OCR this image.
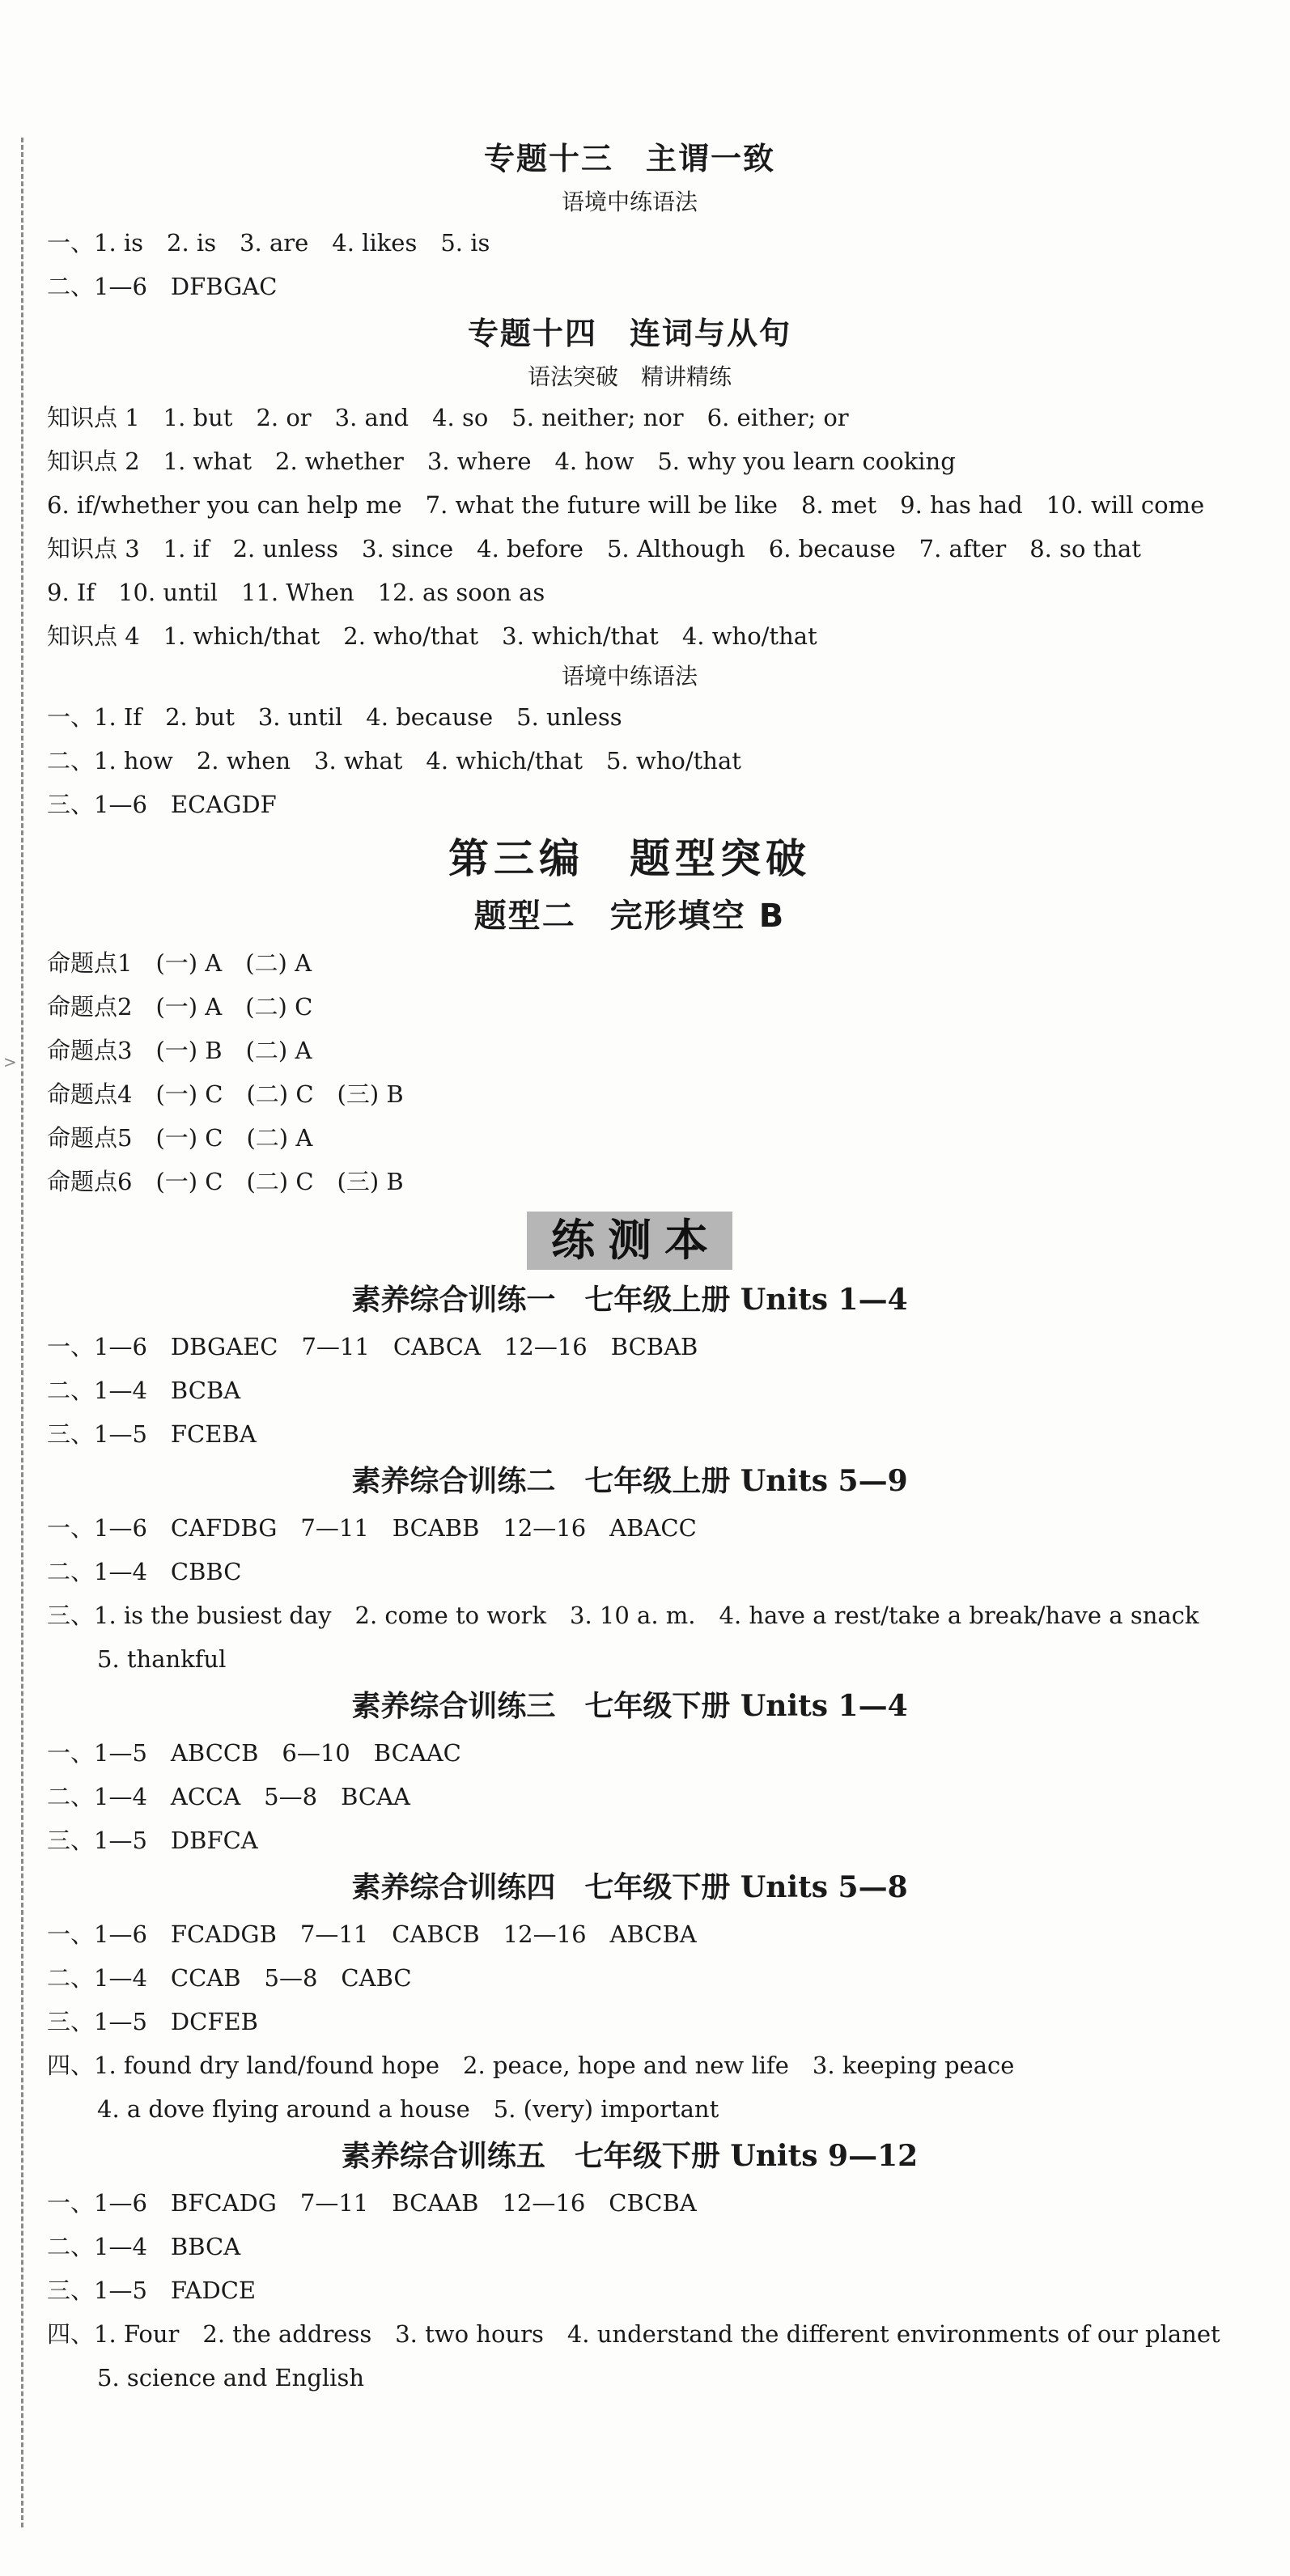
>
专题十三　主谓一致
语境中练语法
一、1. is　2. is　3. are　4. likes　5. is
二、1—6　DFBGAC
专题十四　连词与从句
语法突破　精讲精练
知识点 1　1. but　2. or　3. and　4. so　5. neither; nor　6. either; or
知识点 2　1. what　2. whether　3. where　4. how　5. why you learn cooking
6. if/whether you can help me　7. what the future will be like　8. met　9. has had　10. will come
知识点 3　1. if　2. unless　3. since　4. before　5. Although　6. because　7. after　8. so that
9. If　10. until　11. When　12. as soon as
知识点 4　1. which/that　2. who/that　3. which/that　4. who/that
语境中练语法
一、1. If　2. but　3. until　4. because　5. unless
二、1. how　2. when　3. what　4. which/that　5. who/that
三、1—6　ECAGDF
第三编　题型突破
题型二　完形填空 B
命题点1　(一) A　(二) A
命题点2　(一) A　(二) C
命题点3　(一) B　(二) A
命题点4　(一) C　(二) C　(三) B
命题点5　(一) C　(二) A
命题点6　(一) C　(二) C　(三) B
练测本
素养综合训练一　七年级上册 Units 1—4
一、1—6　DBGAEC　7—11　CABCA　12—16　BCBAB
二、1—4　BCBA
三、1—5　FCEBA
素养综合训练二　七年级上册 Units 5—9
一、1—6　CAFDBG　7—11　BCABB　12—16　ABACC
二、1—4　CBBC
三、1. is the busiest day　2. come to work　3. 10 a. m.　4. have a rest/take a break/have a snack
5. thankful
素养综合训练三　七年级下册 Units 1—4
一、1—5　ABCCB　6—10　BCAAC
二、1—4　ACCA　5—8　BCAA
三、1—5　DBFCA
素养综合训练四　七年级下册 Units 5—8
一、1—6　FCADGB　7—11　CABCB　12—16　ABCBA
二、1—4　CCAB　5—8　CABC
三、1—5　DCFEB
四、1. found dry land/found hope　2. peace, hope and new life　3. keeping peace
4. a dove flying around a house　5. (very) important
素养综合训练五　七年级下册 Units 9—12
一、1—6　BFCADG　7—11　BCAAB　12—16　CBCBA
二、1—4　BBCA
三、1—5　FADCE
四、1. Four　2. the address　3. two hours　4. understand the different environments of our planet
5. science and English
